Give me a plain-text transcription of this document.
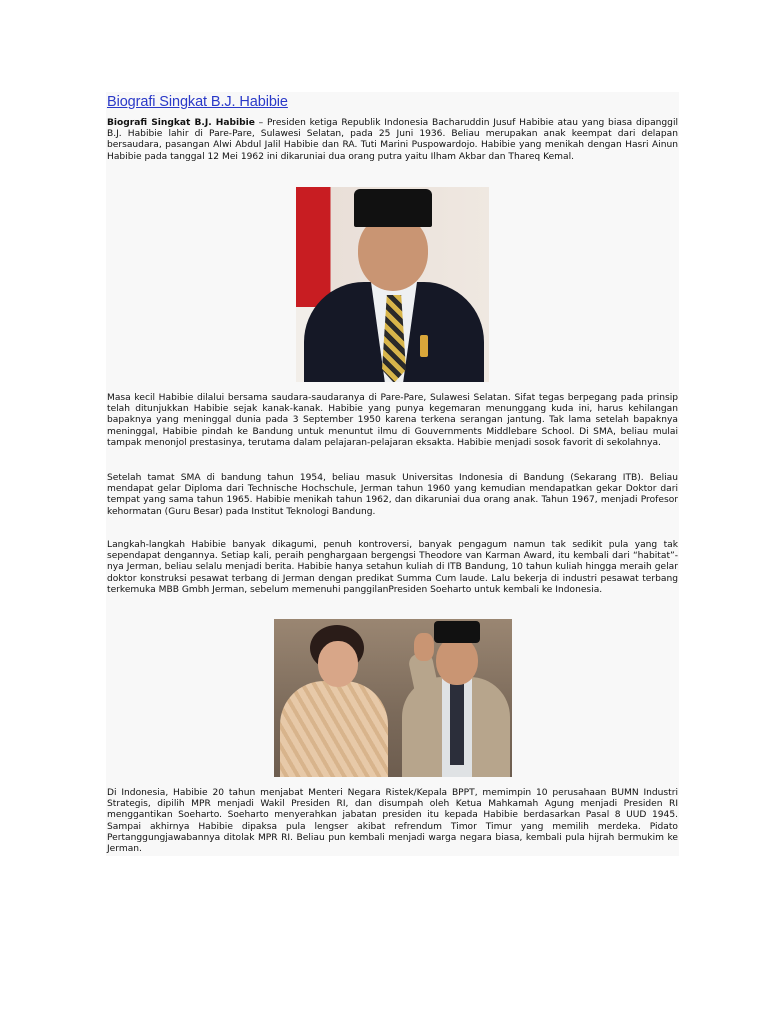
Biografi Singkat B.J. Habibie

Biografi Singkat B.J. Habibie – Presiden ketiga Republik Indonesia Bacharuddin Jusuf Habibie atau yang biasa dipanggil B.J. Habibie lahir di Pare-Pare, Sulawesi Selatan, pada 25 Juni 1936. Beliau merupakan anak keempat dari delapan bersaudara, pasangan Alwi Abdul Jalil Habibie dan RA. Tuti Marini Puspowardojo. Habibie yang menikah dengan Hasri Ainun Habibie pada tanggal 12 Mei 1962 ini dikaruniai dua orang putra yaitu Ilham Akbar dan Thareq Kemal.

Masa kecil Habibie dilalui bersama saudara-saudaranya di Pare-Pare, Sulawesi Selatan. Sifat tegas berpegang pada prinsip telah ditunjukkan Habibie sejak kanak-kanak. Habibie yang punya kegemaran menunggang kuda ini, harus kehilangan bapaknya yang meninggal dunia pada 3 September 1950 karena terkena serangan jantung. Tak lama setelah bapaknya meninggal, Habibie pindah ke Bandung untuk menuntut ilmu di Gouvernments Middlebare School. Di SMA, beliau mulai tampak menonjol prestasinya, terutama dalam pelajaran-pelajaran eksakta. Habibie menjadi sosok favorit di sekolahnya.

Setelah tamat SMA di bandung tahun 1954, beliau masuk Universitas Indonesia di Bandung (Sekarang ITB). Beliau mendapat gelar Diploma dari Technische Hochschule, Jerman tahun 1960 yang kemudian mendapatkan gekar Doktor dari tempat yang sama tahun 1965. Habibie menikah tahun 1962, dan dikaruniai dua orang anak. Tahun 1967, menjadi Profesor kehormatan (Guru Besar) pada Institut Teknologi Bandung.

Langkah-langkah Habibie banyak dikagumi, penuh kontroversi, banyak pengagum namun tak sedikit pula yang tak sependapat dengannya. Setiap kali, peraih penghargaan bergengsi Theodore van Karman Award, itu kembali dari “habitat”-nya Jerman, beliau selalu menjadi berita. Habibie hanya setahun kuliah di ITB Bandung, 10 tahun kuliah hingga meraih gelar doktor konstruksi pesawat terbang di Jerman dengan predikat Summa Cum laude. Lalu bekerja di industri pesawat terbang terkemuka MBB Gmbh Jerman, sebelum memenuhi panggilanPresiden Soeharto untuk kembali ke Indonesia.

Di Indonesia, Habibie 20 tahun menjabat Menteri Negara Ristek/Kepala BPPT, memimpin 10 perusahaan BUMN Industri Strategis, dipilih MPR menjadi Wakil Presiden RI, dan disumpah oleh Ketua Mahkamah Agung menjadi Presiden RI menggantikan Soeharto. Soeharto menyerahkan jabatan presiden itu kepada Habibie berdasarkan Pasal 8 UUD 1945. Sampai akhirnya Habibie dipaksa pula lengser akibat refrendum Timor Timur yang memilih merdeka. Pidato Pertanggungjawabannya ditolak MPR RI. Beliau pun kembali menjadi warga negara biasa, kembali pula hijrah bermukim ke Jerman.
